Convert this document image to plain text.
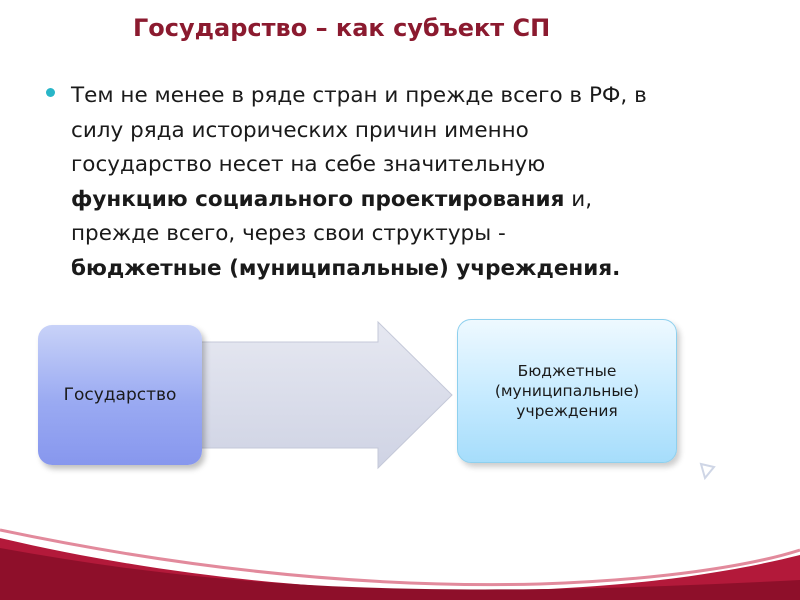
Государство – как субъект СП
Тем не менее в ряде стран и прежде всего в РФ, в
силу ряда исторических причин именно
государство несет на себе значительную
функцию социального проектирования и,
прежде всего, через свои структуры -
бюджетные (муниципальные) учреждения.
Государство
Бюджетные
(муниципальные)
учреждения
